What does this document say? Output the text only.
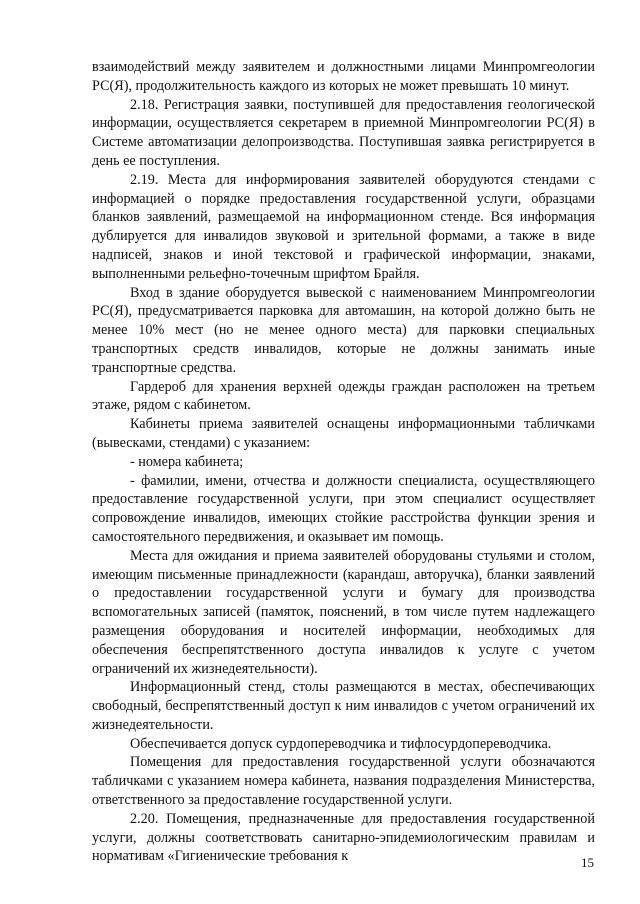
взаимодействий между заявителем и должностными лицами Минпромгеологии РС(Я), продолжительность каждого из которых не может превышать 10 минут.

2.18. Регистрация заявки, поступившей для предоставления геологической информации, осуществляется секретарем в приемной Минпромгеологии РС(Я) в Системе автоматизации делопроизводства. Поступившая заявка регистрируется в день ее поступления.

2.19. Места для информирования заявителей оборудуются стендами с информацией о порядке предоставления государственной услуги, образцами бланков заявлений, размещаемой на информационном стенде. Вся информация дублируется для инвалидов звуковой и зрительной формами, а также в виде надписей, знаков и иной текстовой и графической информации, знаками, выполненными рельефно-точечным шрифтом Брайля.

Вход в здание оборудуется вывеской с наименованием Минпромгеологии РС(Я), предусматривается парковка для автомашин, на которой должно быть не менее 10% мест (но не менее одного места) для парковки специальных транспортных средств инвалидов, которые не должны занимать иные транспортные средства.

Гардероб для хранения верхней одежды граждан расположен на третьем этаже, рядом с кабинетом.

Кабинеты приема заявителей оснащены информационными табличками (вывесками, стендами) с указанием:

- номера кабинета;

- фамилии, имени, отчества и должности специалиста, осуществляющего предоставление государственной услуги, при этом специалист осуществляет сопровождение инвалидов, имеющих стойкие расстройства функции зрения и самостоятельного передвижения, и оказывает им помощь.

Места для ожидания и приема заявителей оборудованы стульями и столом, имеющим письменные принадлежности (карандаш, авторучка), бланки заявлений о предоставлении государственной услуги и бумагу для производства вспомогательных записей (памяток, пояснений, в том числе путем надлежащего размещения оборудования и носителей информации, необходимых для обеспечения беспрепятственного доступа инвалидов к услуге с учетом ограничений их жизнедеятельности).

Информационный стенд, столы размещаются в местах, обеспечивающих свободный, беспрепятственный доступ к ним инвалидов с учетом ограничений их жизнедеятельности.

Обеспечивается допуск сурдопереводчика и тифлосурдопереводчика.

Помещения для предоставления государственной услуги обозначаются табличками с указанием номера кабинета, названия подразделения Министерства, ответственного за предоставление государственной услуги.

2.20. Помещения, предназначенные для предоставления государственной услуги, должны соответствовать санитарно-эпидемиологическим правилам и нормативам «Гигиенические требования к	15
